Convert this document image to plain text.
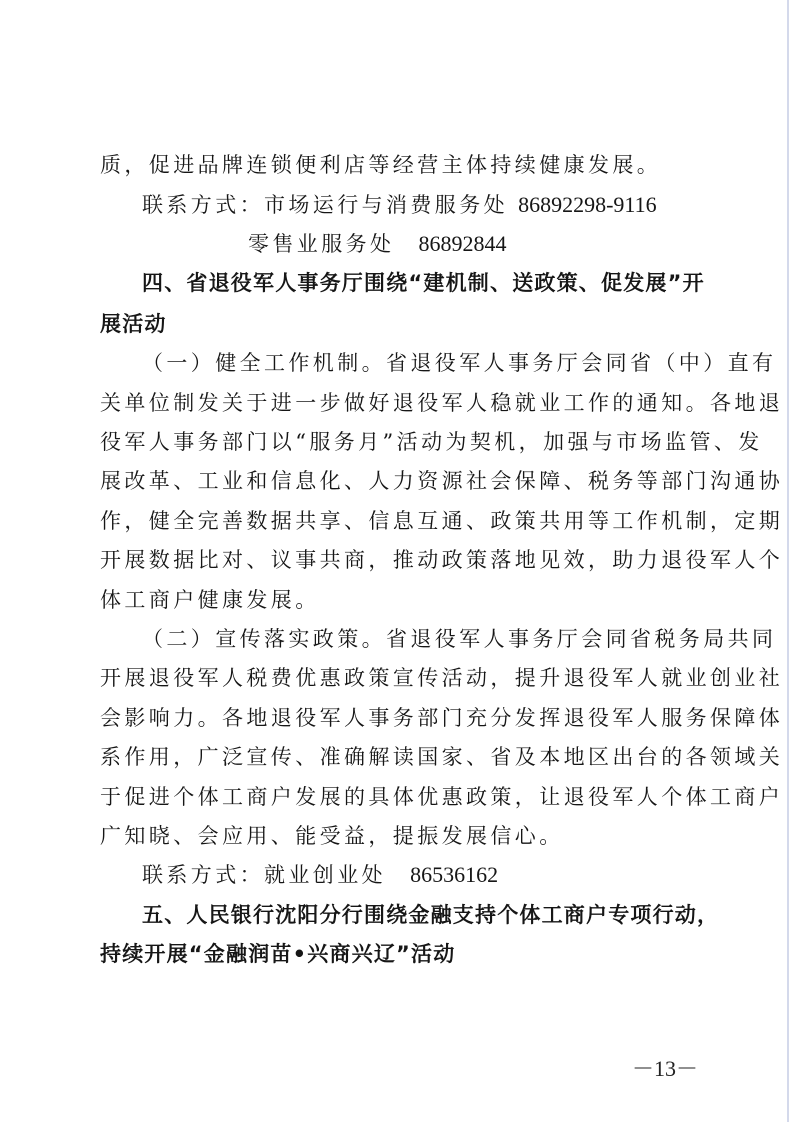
质，促进品牌连锁便利店等经营主体持续健康发展。
联系方式：市场运行与消费服务处 86892298-9116
零售业服务处 86892844
四、省退役军人事务厅围绕“建机制、送政策、促发展”开
展活动
（一）健全工作机制。省退役军人事务厅会同省（中）直有
关单位制发关于进一步做好退役军人稳就业工作的通知。各地退
役军人事务部门以“服务月”活动为契机，加强与市场监管、发
展改革、工业和信息化、人力资源社会保障、税务等部门沟通协
作，健全完善数据共享、信息互通、政策共用等工作机制，定期
开展数据比对、议事共商，推动政策落地见效，助力退役军人个
体工商户健康发展。
（二）宣传落实政策。省退役军人事务厅会同省税务局共同
开展退役军人税费优惠政策宣传活动，提升退役军人就业创业社
会影响力。各地退役军人事务部门充分发挥退役军人服务保障体
系作用，广泛宣传、准确解读国家、省及本地区出台的各领域关
于促进个体工商户发展的具体优惠政策，让退役军人个体工商户
广知晓、会应用、能受益，提振发展信心。
联系方式：就业创业处 86536162
五、人民银行沈阳分行围绕金融支持个体工商户专项行动，
持续开展“金融润苗•兴商兴辽”活动
－13－
